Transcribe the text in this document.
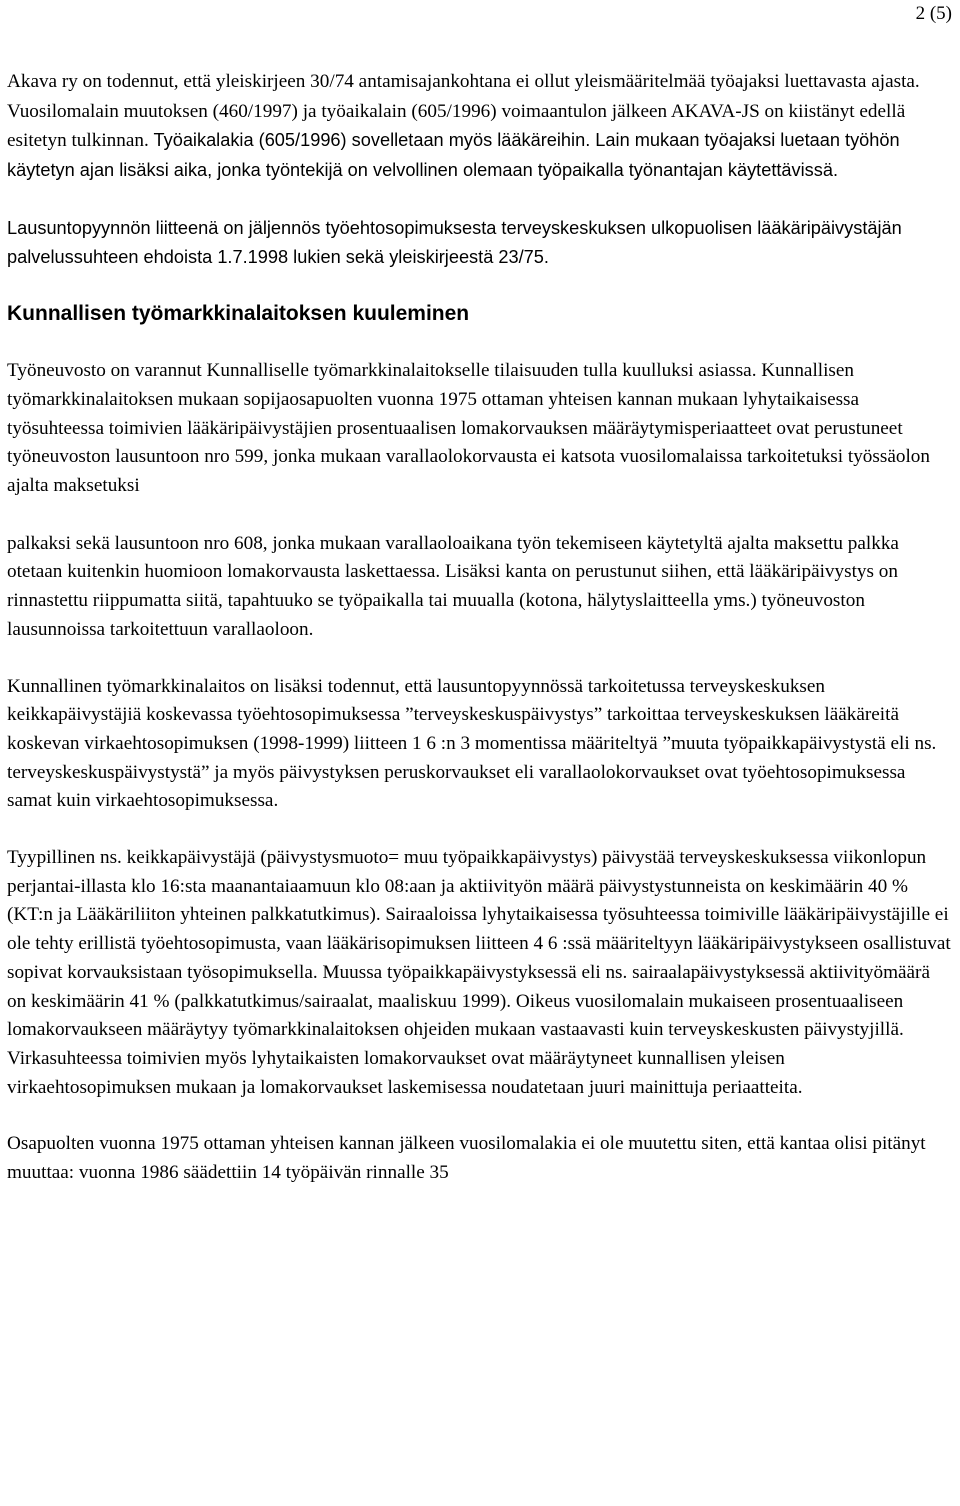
2 (5)

Akava ry on todennut, että yleiskirjeen 30/74 antamisajankohtana ei ollut yleismääritelmää työajaksi luettavasta ajasta. Vuosilomalain muutoksen (460/1997) ja työaikalain (605/1996) voimaantulon jälkeen AKAVA-JS on kiistänyt edellä esitetyn tulkinnan. Työaikalakia (605/1996) sovelletaan myös lääkäreihin. Lain mukaan työajaksi luetaan työhön käytetyn ajan lisäksi aika, jonka työntekijä on velvollinen olemaan työpaikalla työnantajan käytettävissä.

Lausuntopyynnön liitteenä on jäljennös työehtosopimuksesta terveyskeskuksen ulkopuolisen lääkäripäivystäjän palvelussuhteen ehdoista 1.7.1998 lukien sekä yleiskirjeestä 23/75.

Kunnallisen työmarkkinalaitoksen kuuleminen

Työneuvosto on varannut Kunnalliselle työmarkkinalaitokselle tilaisuuden tulla kuulluksi asiassa. Kunnallisen työmarkkinalaitoksen mukaan sopijaosapuolten vuonna 1975 ottaman yhteisen kannan mukaan lyhytaikaisessa työsuhteessa toimivien lääkäripäivystäjien prosentuaalisen lomakorvauksen määräytymisperiaatteet ovat perustuneet työneuvoston lausuntoon nro 599, jonka mukaan varallaolokorvausta ei katsota vuosilomalaissa tarkoitetuksi työssäolon ajalta maksetuksi

palkaksi sekä lausuntoon nro 608, jonka mukaan varallaoloaikana työn tekemiseen käytetyltä ajalta maksettu palkka otetaan kuitenkin huomioon lomakorvausta laskettaessa. Lisäksi kanta on perustunut siihen, että lääkäripäivystys on rinnastettu riippumatta siitä, tapahtuuko se työpaikalla tai muualla (kotona, hälytyslaitteella yms.) työneuvoston lausunnoissa tarkoitettuun varallaoloon.

Kunnallinen työmarkkinalaitos on lisäksi todennut, että lausuntopyynnössä tarkoitetussa terveyskeskuksen keikkapäivystäjiä koskevassa työehtosopimuksessa ”terveyskeskuspäivystys” tarkoittaa terveyskeskuksen lääkäreitä koskevan virkaehtosopimuksen (1998-1999) liitteen 1 6 :n 3 momentissa määriteltyä ”muuta työpaikkapäivystystä eli ns. terveyskeskuspäivystystä” ja myös päivystyksen peruskorvaukset eli varallaolokorvaukset ovat työehtosopimuksessa samat kuin virkaehtosopimuksessa.

Tyypillinen ns. keikkapäivystäjä (päivystysmuoto= muu työpaikkapäivystys) päivystää terveyskeskuksessa viikonlopun perjantai-illasta klo 16:sta maanantaiaamuun klo 08:aan ja aktiivityön määrä päivystystunneista on keskimäärin 40 % (KT:n ja Lääkäriliiton yhteinen palkkatutkimus). Sairaaloissa lyhytaikaisessa työsuhteessa toimiville lääkäripäivystäjille ei ole tehty erillistä työehtosopimusta, vaan lääkärisopimuksen liitteen 4 6 :ssä määriteltyyn lääkäripäivystykseen osallistuvat sopivat korvauksistaan työsopimuksella. Muussa työpaikkapäivystyksessä eli ns. sairaalapäivystyksessä aktiivityömäärä on keskimäärin 41 % (palkkatutkimus/sairaalat, maaliskuu 1999). Oikeus vuosilomalain mukaiseen prosentuaaliseen lomakorvaukseen määräytyy työmarkkinalaitoksen ohjeiden mukaan vastaavasti kuin terveyskeskusten päivystyjillä. Virkasuhteessa toimivien myös lyhytaikaisten lomakorvaukset ovat määräytyneet kunnallisen yleisen virkaehtosopimuksen mukaan ja lomakorvaukset laskemisessa noudatetaan juuri mainittuja periaatteita.

Osapuolten vuonna 1975 ottaman yhteisen kannan jälkeen vuosilomalakia ei ole muutettu siten, että kantaa olisi pitänyt muuttaa: vuonna 1986 säädettiin 14 työpäivän rinnalle 35
